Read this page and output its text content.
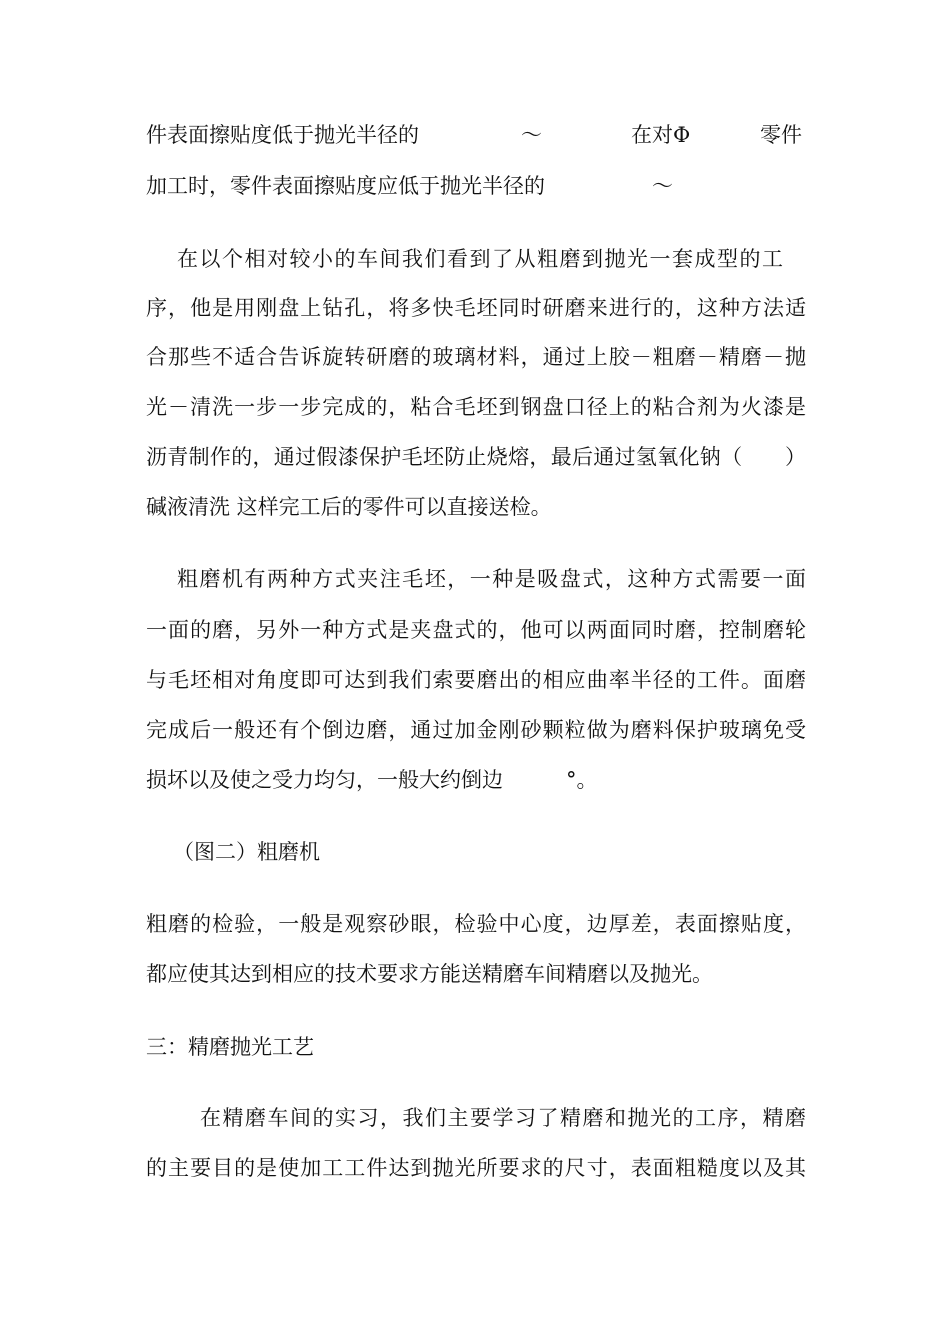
件表面擦贴度低于抛光半径的	～	在对Φ	零件
加工时，零件表面擦贴度应低于抛光半径的	～
在以个相对较小的车间我们看到了从粗磨到抛光一套成型的工
序，他是用刚盘上钻孔，将多快毛坯同时研磨来进行的，这种方法适
合那些不适合告诉旋转研磨的玻璃材料，通过上胶－粗磨－精磨－抛
光－清洗一步一步完成的，粘合毛坯到钢盘口径上的粘合剂为火漆是
沥青制作的，通过假漆保护毛坯防止烧熔，最后通过氢氧化钠（　　）
碱液清洗 这样完工后的零件可以直接送检。
粗磨机有两种方式夹注毛坯，一种是吸盘式，这种方式需要一面
一面的磨，另外一种方式是夹盘式的，他可以两面同时磨，控制磨轮
与毛坯相对角度即可达到我们索要磨出的相应曲率半径的工件。面磨
完成后一般还有个倒边磨，通过加金刚砂颗粒做为磨料保护玻璃免受
损坏以及使之受力均匀，一般大约倒边	°。
（图二）粗磨机
粗磨的检验，一般是观察砂眼，检验中心度，边厚差，表面擦贴度，
都应使其达到相应的技术要求方能送精磨车间精磨以及抛光。
三：精磨抛光工艺
在精磨车间的实习，我们主要学习了精磨和抛光的工序，精磨
的主要目的是使加工工件达到抛光所要求的尺寸，表面粗糙度以及其
